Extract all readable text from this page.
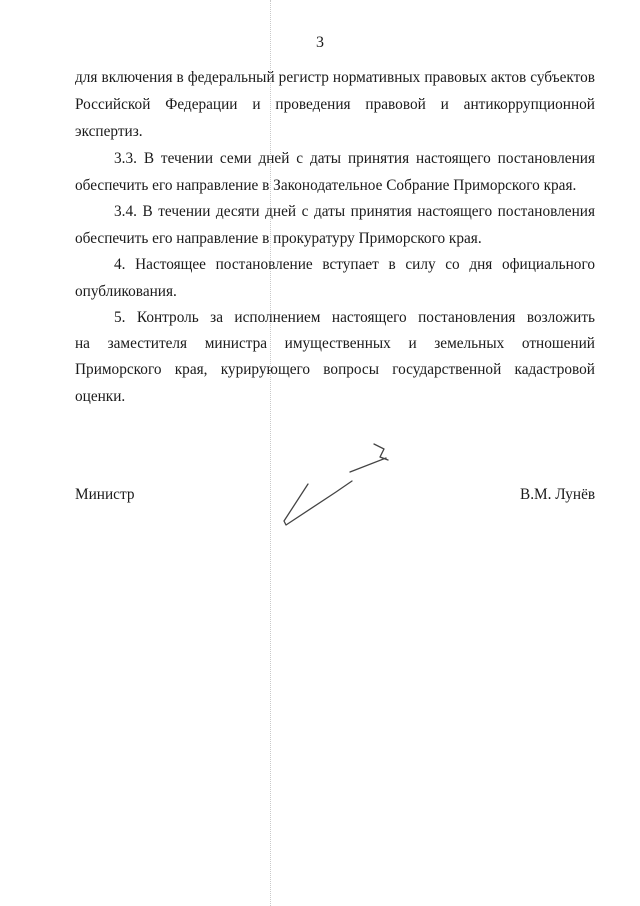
3
для включения в федеральный регистр нормативных правовых актов субъектов
Российской Федерации и проведения правовой и антикоррупционной
экспертиз.
3.3. В течении семи дней с даты принятия настоящего постановления
обеспечить его направление в Законодательное Собрание Приморского края.
3.4. В течении десяти дней с даты принятия настоящего постановления
обеспечить его направление в прокуратуру Приморского края.
4. Настоящее постановление вступает в силу со дня официального
опубликования.
5. Контроль за исполнением настоящего постановления возложить
на заместителя министра имущественных и земельных отношений
Приморского края, курирующего вопросы государственной кадастровой
оценки.
Министр	В.М. Лунёв
